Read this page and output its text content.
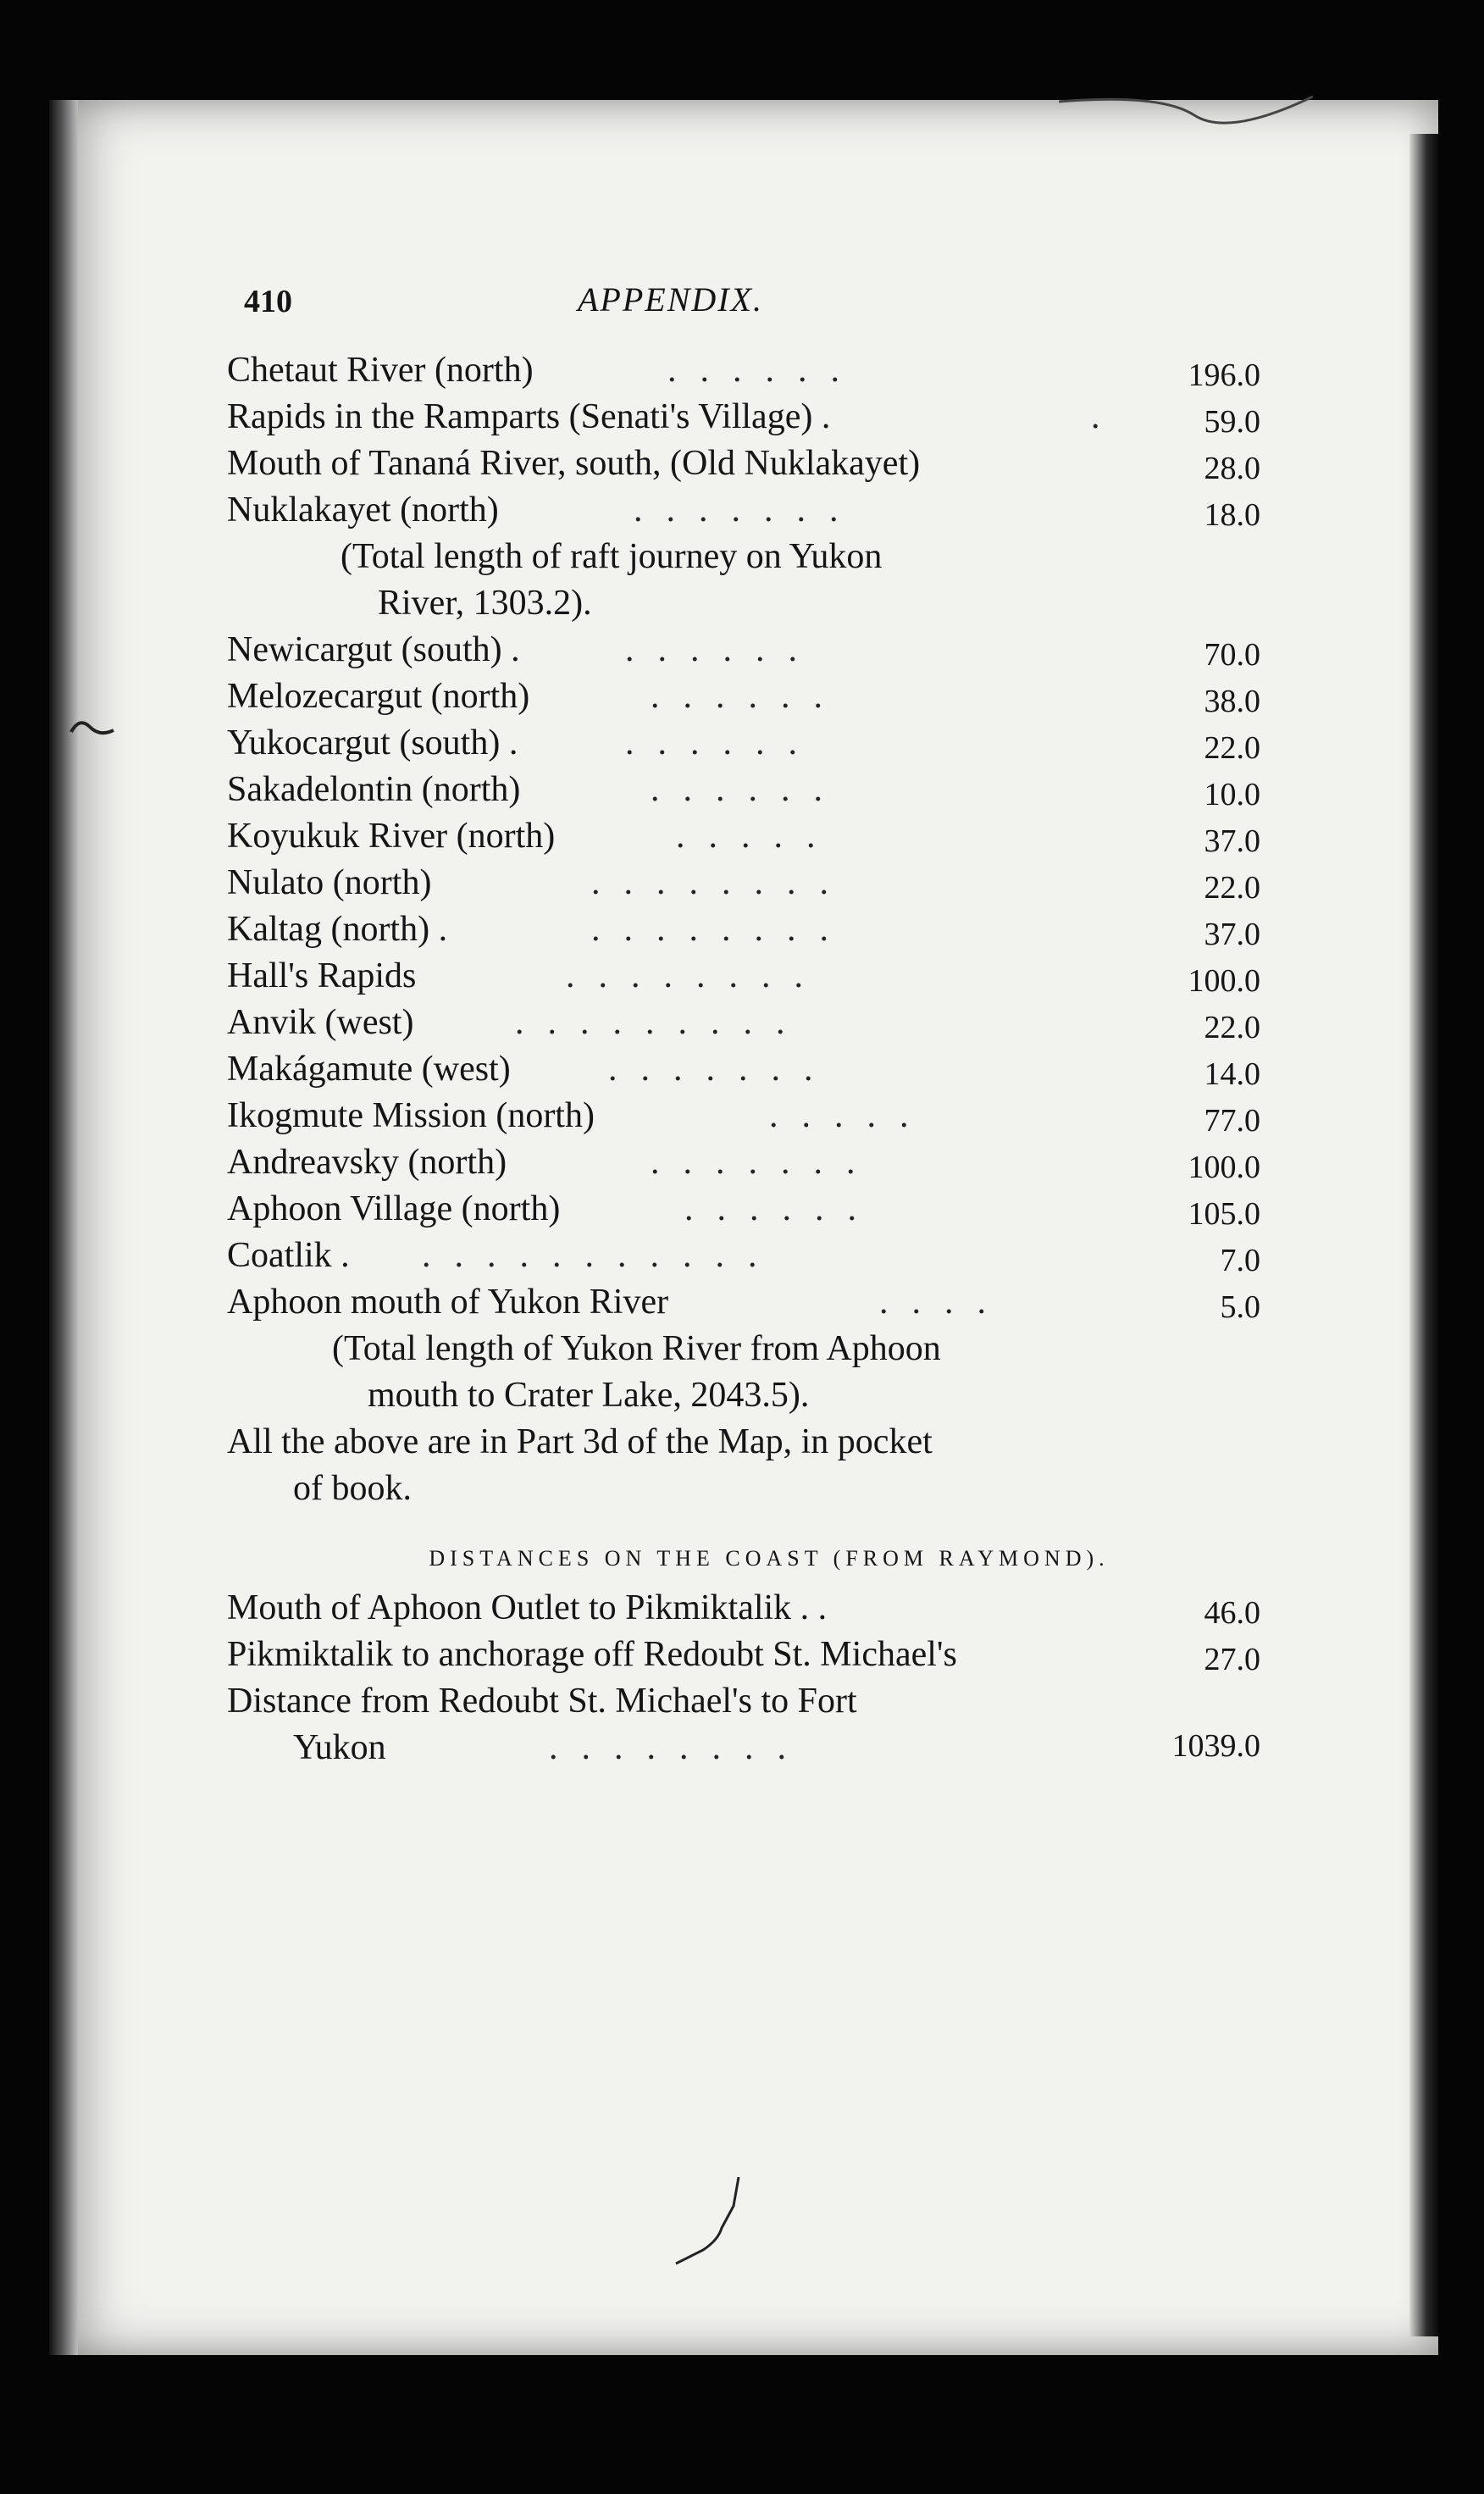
410	APPENDIX.
Chetaut River (north)	......	196.0
Rapids in the Ramparts (Senati's Village) .	.	59.0
Mouth of Tananá River, south, (Old Nuklakayet)	28.0
Nuklakayet (north)	.......	18.0
(Total length of raft journey on Yukon
River, 1303.2).
Newicargut (south) .	......	70.0
Melozecargut (north)	......	38.0
Yukocargut (south) .	......	22.0
Sakadelontin (north)	......	10.0
Koyukuk River (north)	.....	37.0
Nulato (north)	........	22.0
Kaltag (north) .	........	37.0
Hall's Rapids	........	100.0
Anvik (west)	.........	22.0
Makágamute (west)	.......	14.0
Ikogmute Mission (north)	.....	77.0
Andreavsky (north)	.......	100.0
Aphoon Village (north)	......	105.0
Coatlik . ...........	7.0
Aphoon mouth of Yukon River	....	5.0
(Total length of Yukon River from Aphoon
mouth to Crater Lake, 2043.5).
All the above are in Part 3d of the Map, in pocket
of book.
DISTANCES ON THE COAST (FROM RAYMOND).
Mouth of Aphoon Outlet to Pikmiktalik . .	46.0
Pikmiktalik to anchorage off Redoubt St. Michael's	27.0
Distance from Redoubt St. Michael's to Fort
Yukon	........	1039.0
